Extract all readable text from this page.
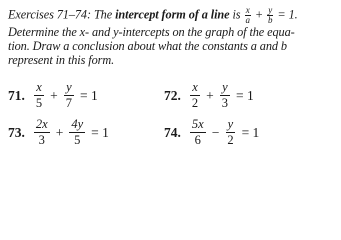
Exercises 71–74: The intercept form of a line is $\frac{x}{a} + \frac{y}{b} = 1$.
Determine the x- and y-intercepts on the graph of the equa-
tion. Draw a conclusion about what the constants a and b
represent in this form.
71. $\frac{x}{5} + \frac{y}{7} = 1$	72. $\frac{x}{2} + \frac{y}{3} = 1$
73. $\frac{2x}{3} + \frac{4y}{5} = 1$	74. $\frac{5x}{6} - \frac{y}{2} = 1$
